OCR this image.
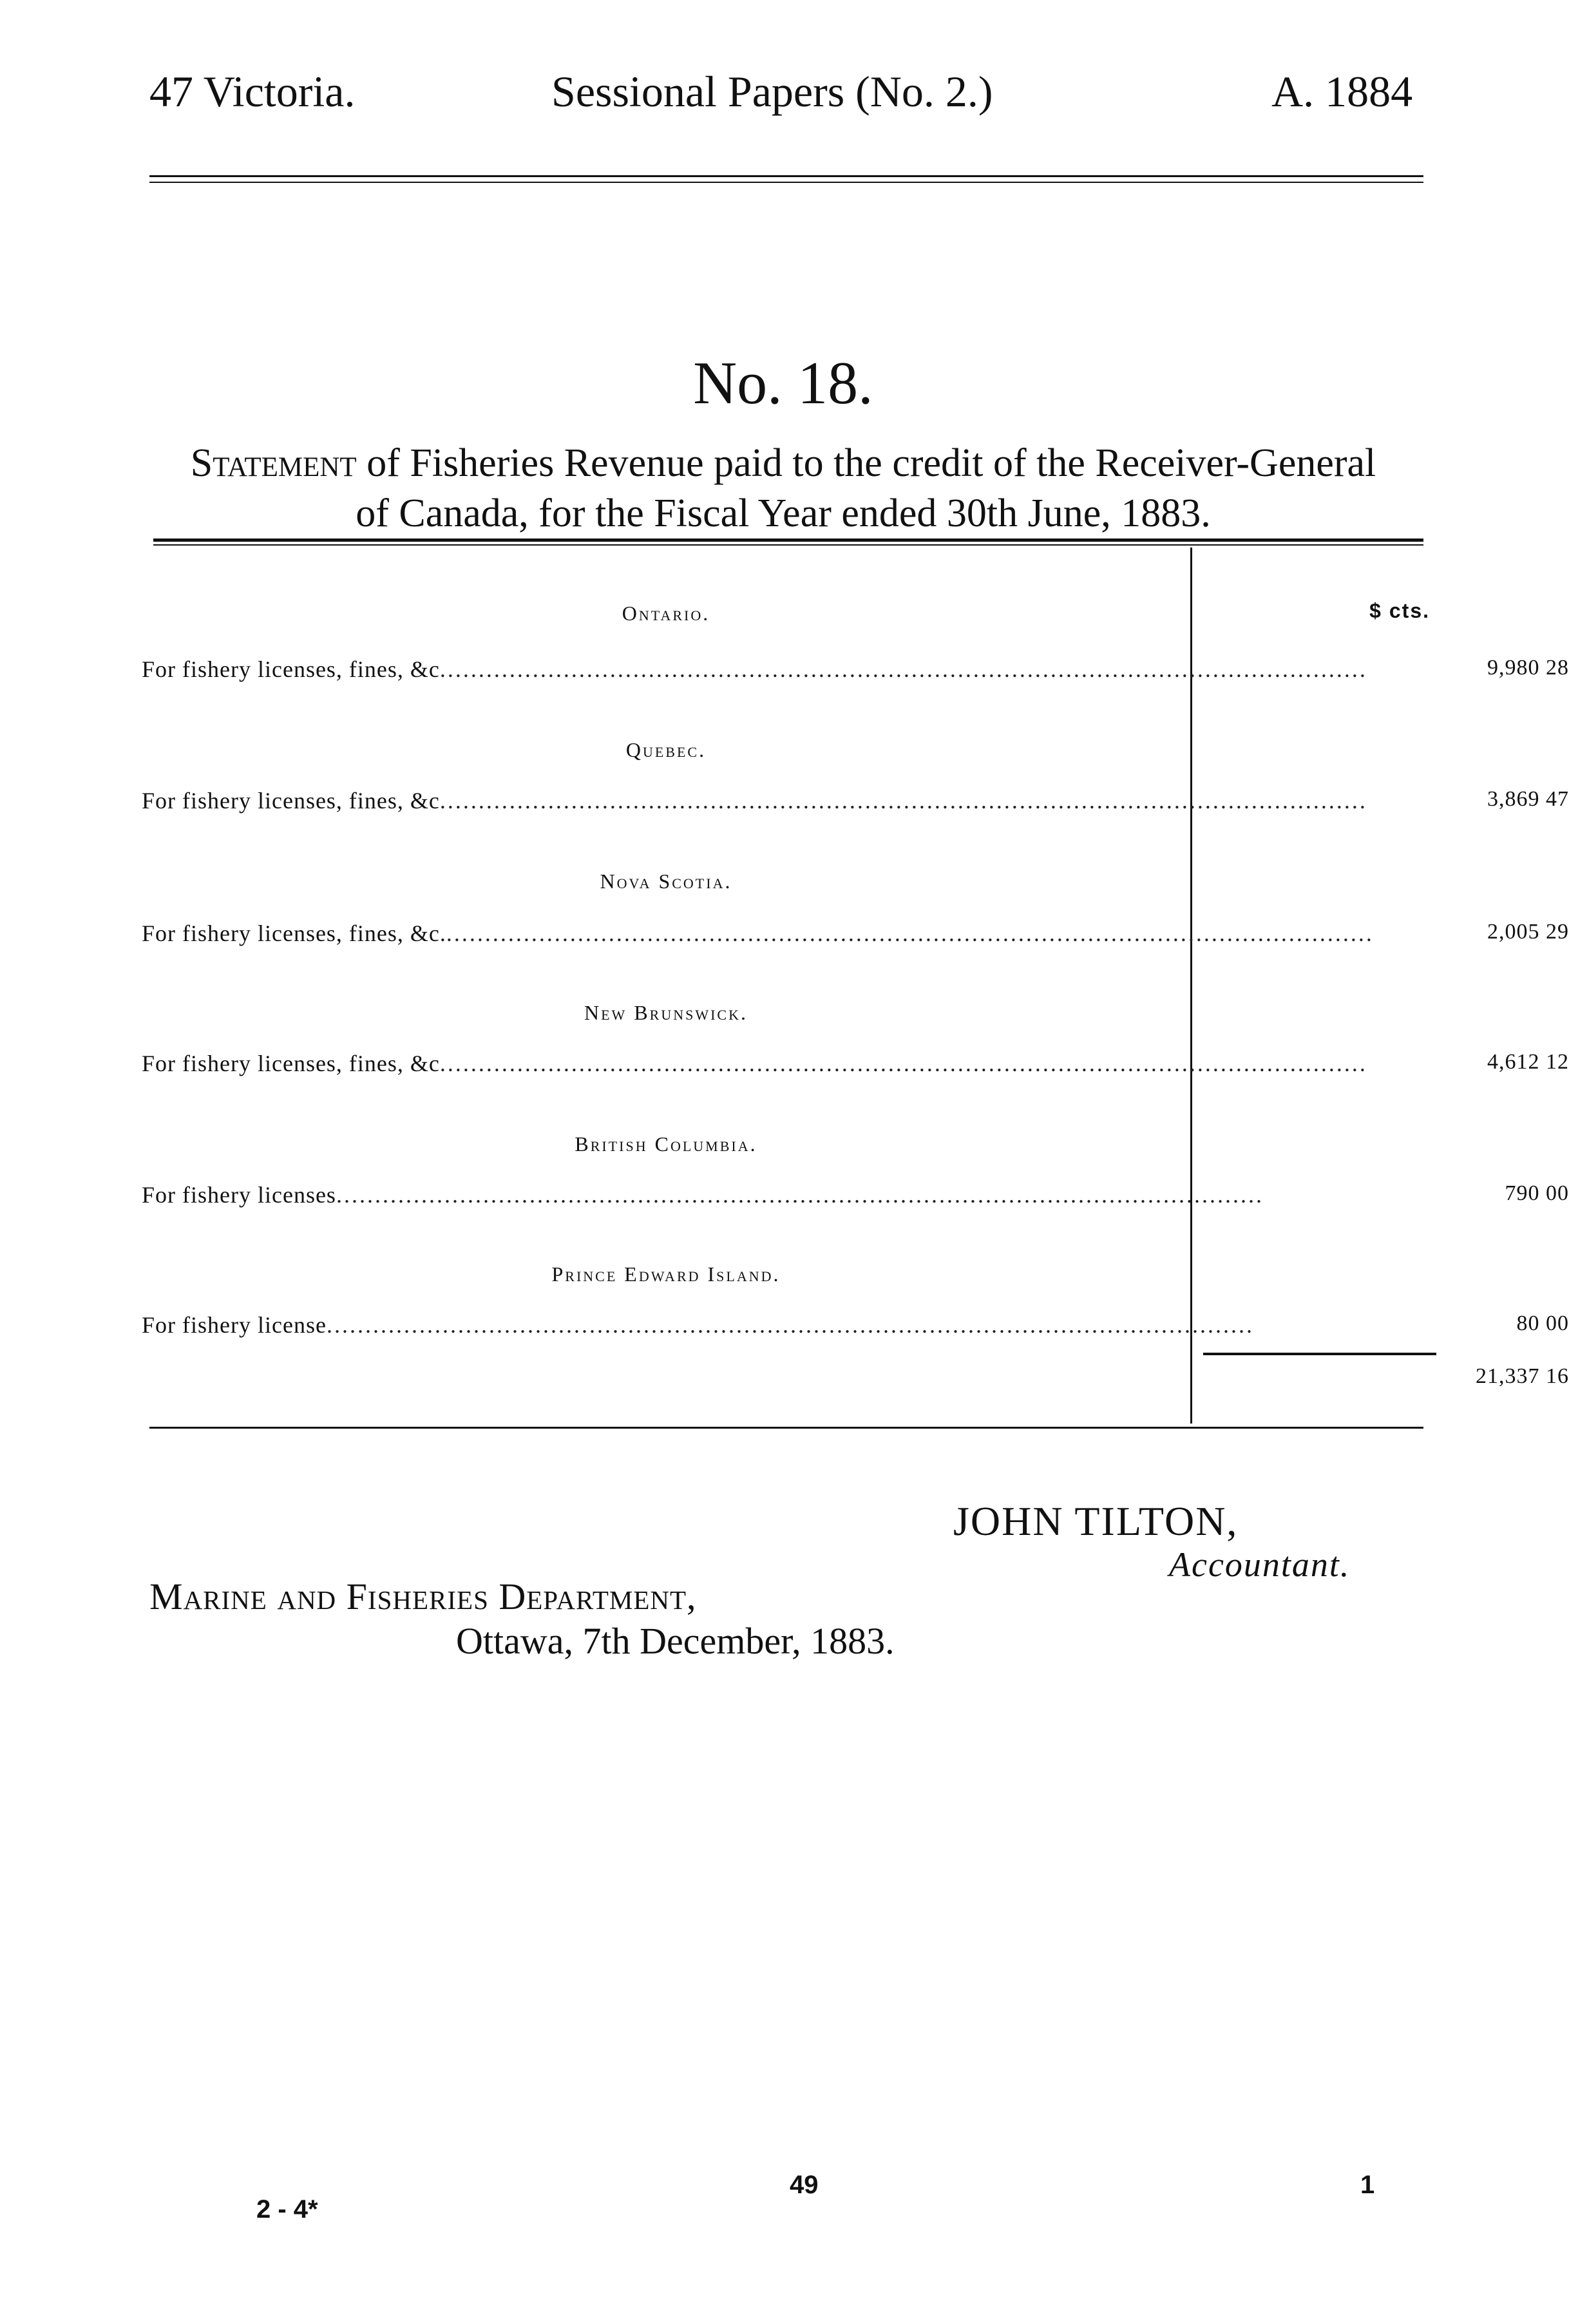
47 Victoria.	Sessional Papers (No. 2.)	A. 1884
No. 18.
Statement of Fisheries Revenue paid to the credit of the Receiver-General
of Canada, for the Fiscal Year ended 30th June, 1883.
$ cts.
Ontario.
For fishery licenses, fines, &c ........................................................................................................................	9,980 28
Quebec.
For fishery licenses, fines, &c ........................................................................................................................	3,869 47
Nova Scotia.
For fishery licenses, fines, &c. ........................................................................................................................	2,005 29
New Brunswick.
For fishery licenses, fines, &c ........................................................................................................................	4,612 12
British Columbia.
For fishery licenses ........................................................................................................................	790 00
Prince Edward Island.
For fishery license ........................................................................................................................	80 00
21,337 16
JOHN TILTON,
Accountant.
Marine and Fisheries Department,
Ottawa, 7th December, 1883.
2 - 4*
49	1
